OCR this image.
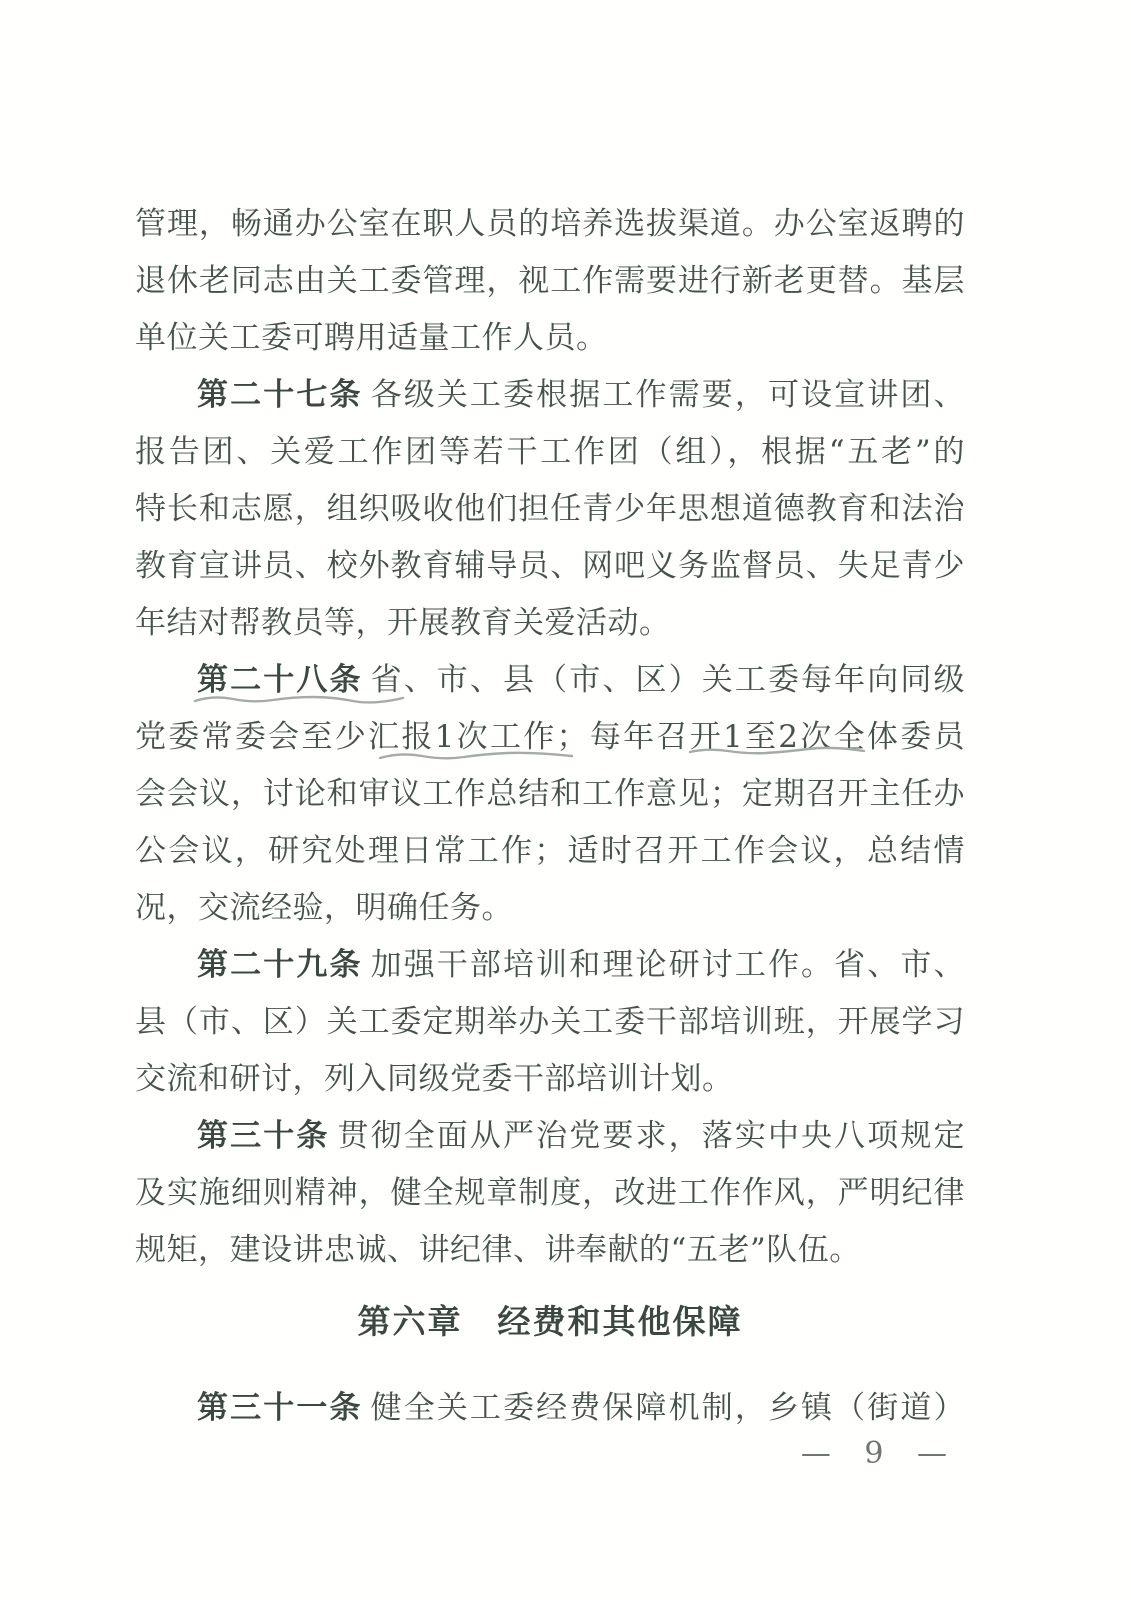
管理，畅通办公室在职人员的培养选拔渠道。办公室返聘的
退休老同志由关工委管理，视工作需要进行新老更替。基层
单位关工委可聘用适量工作人员。
第二十七条 各级关工委根据工作需要，可设宣讲团、
报告团、关爱工作团等若干工作团（组），根据“五老”的
特长和志愿，组织吸收他们担任青少年思想道德教育和法治
教育宣讲员、校外教育辅导员、网吧义务监督员、失足青少
年结对帮教员等，开展教育关爱活动。
第二十八条 省、市、县（市、区）关工委每年向同级
党委常委会至少汇报1次工作；每年召开1至2次全体委员
会会议，讨论和审议工作总结和工作意见；定期召开主任办
公会议，研究处理日常工作；适时召开工作会议，总结情
况，交流经验，明确任务。
第二十九条 加强干部培训和理论研讨工作。省、市、
县（市、区）关工委定期举办关工委干部培训班，开展学习
交流和研讨，列入同级党委干部培训计划。
第三十条 贯彻全面从严治党要求，落实中央八项规定
及实施细则精神，健全规章制度，改进工作作风，严明纪律
规矩，建设讲忠诚、讲纪律、讲奉献的“五老”队伍。
第六章　经费和其他保障
第三十一条 健全关工委经费保障机制，乡镇（街道）
— 9 —
